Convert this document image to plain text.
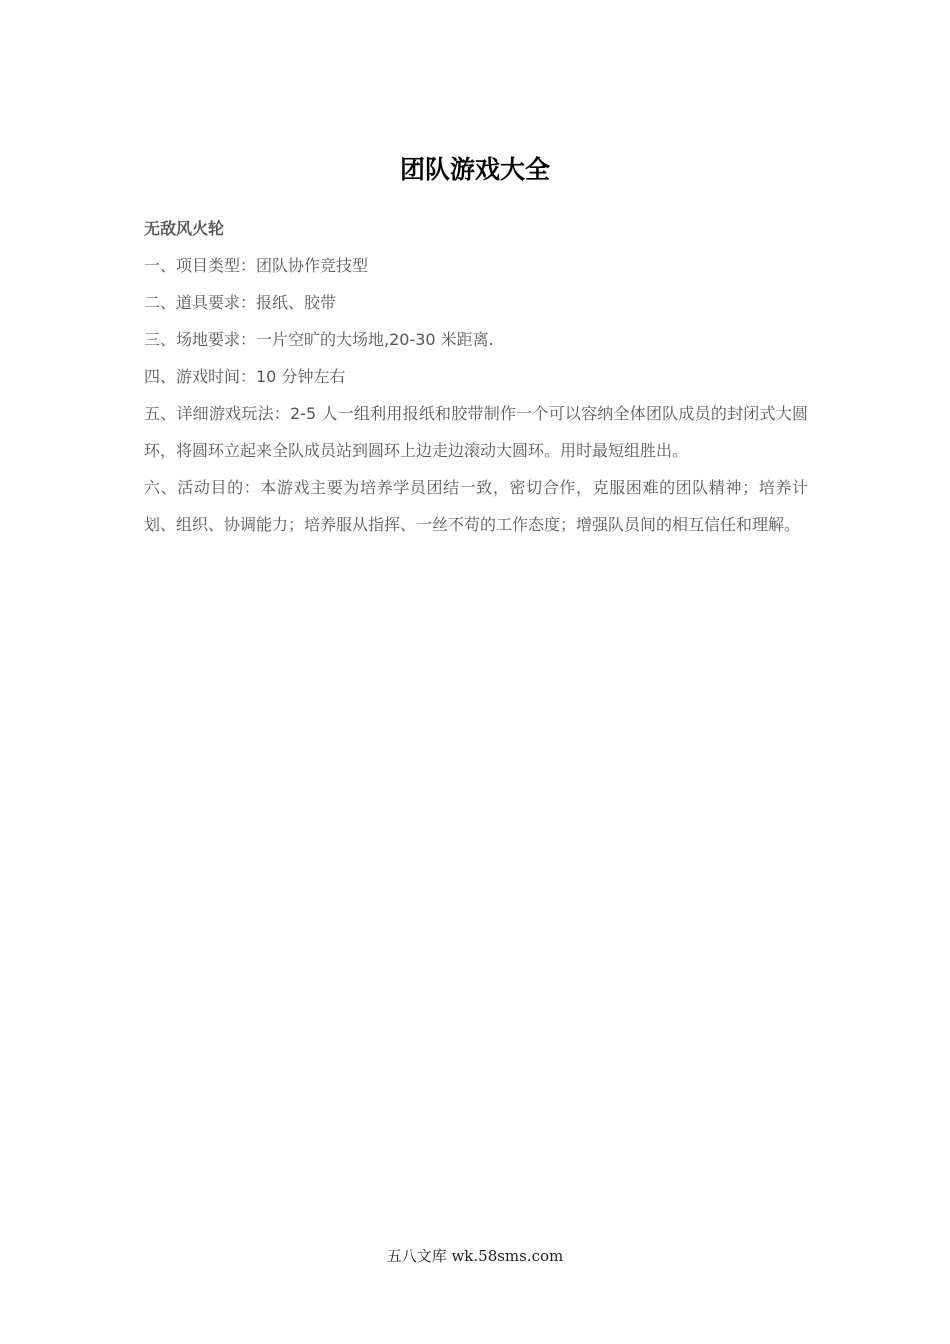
团队游戏大全

无敌风火轮

一、项目类型：团队协作竞技型

二、道具要求：报纸、胶带

三、场地要求：一片空旷的大场地,20-30 米距离.

四、游戏时间：10 分钟左右

五、详细游戏玩法：2-5 人一组利用报纸和胶带制作一个可以容纳全体团队成员的封闭式大圆环，将圆环立起来全队成员站到圆环上边走边滚动大圆环。用时最短组胜出。

六、活动目的：本游戏主要为培养学员团结一致，密切合作，克服困难的团队精神；培养计划、组织、协调能力；培养服从指挥、一丝不苟的工作态度；增强队员间的相互信任和理解。

五八文库 wk.58sms.com
